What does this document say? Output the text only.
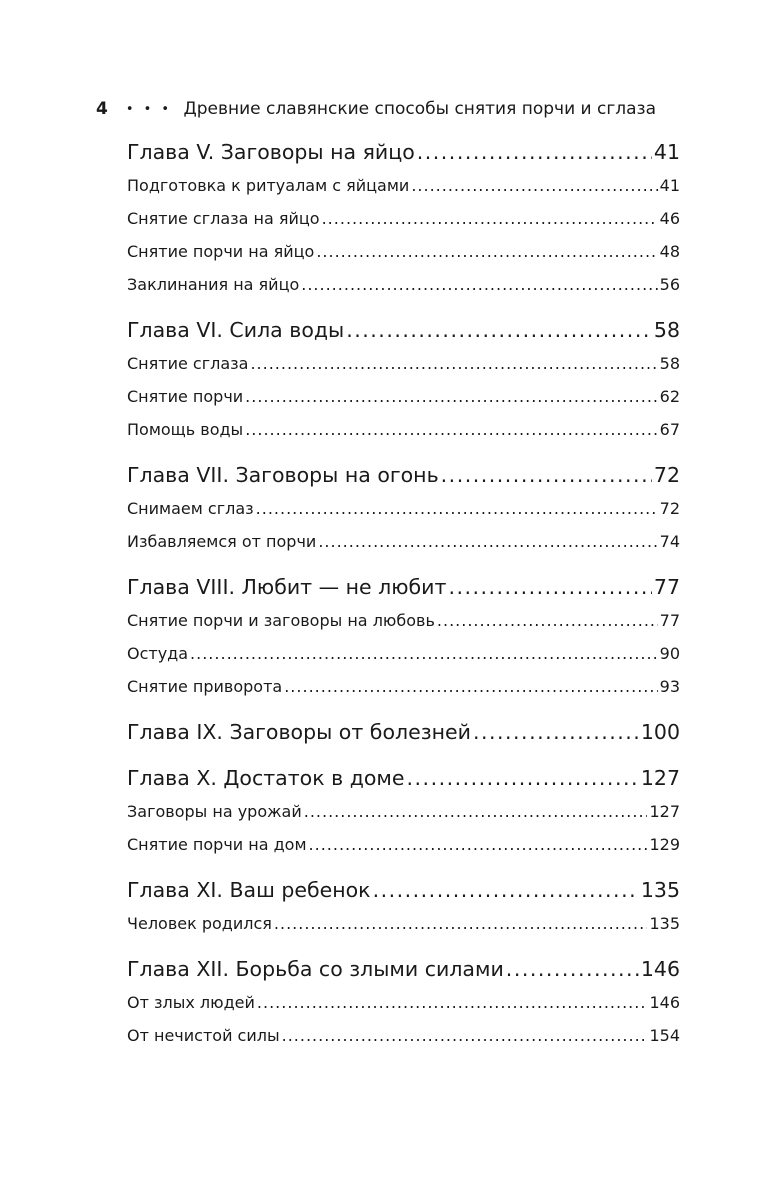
4	• • • Древние славянские способы снятия порчи и сглаза
Глава V. Заговоры на яйцо .....	41
Подготовка к ритуалам с яйцами .....	41
Снятие сглаза на яйцо .....	46
Снятие порчи на яйцо .....	48
Заклинания на яйцо .....	56
Глава VI. Сила воды .....	58
Снятие сглаза .....	58
Снятие порчи .....	62
Помощь воды .....	67
Глава VII. Заговоры на огонь .....	72
Снимаем сглаз .....	72
Избавляемся от порчи .....	74
Глава VIII. Любит — не любит .....	77
Снятие порчи и заговоры на любовь .....	77
Остуда .....	90
Снятие приворота .....	93
Глава IX. Заговоры от болезней .....	100
Глава X. Достаток в доме .....	127
Заговоры на урожай .....	127
Снятие порчи на дом .....	129
Глава XI. Ваш ребенок .....	135
Человек родился .....	135
Глава XII. Борьба со злыми силами .....	146
От злых людей .....	146
От нечистой силы .....	154
